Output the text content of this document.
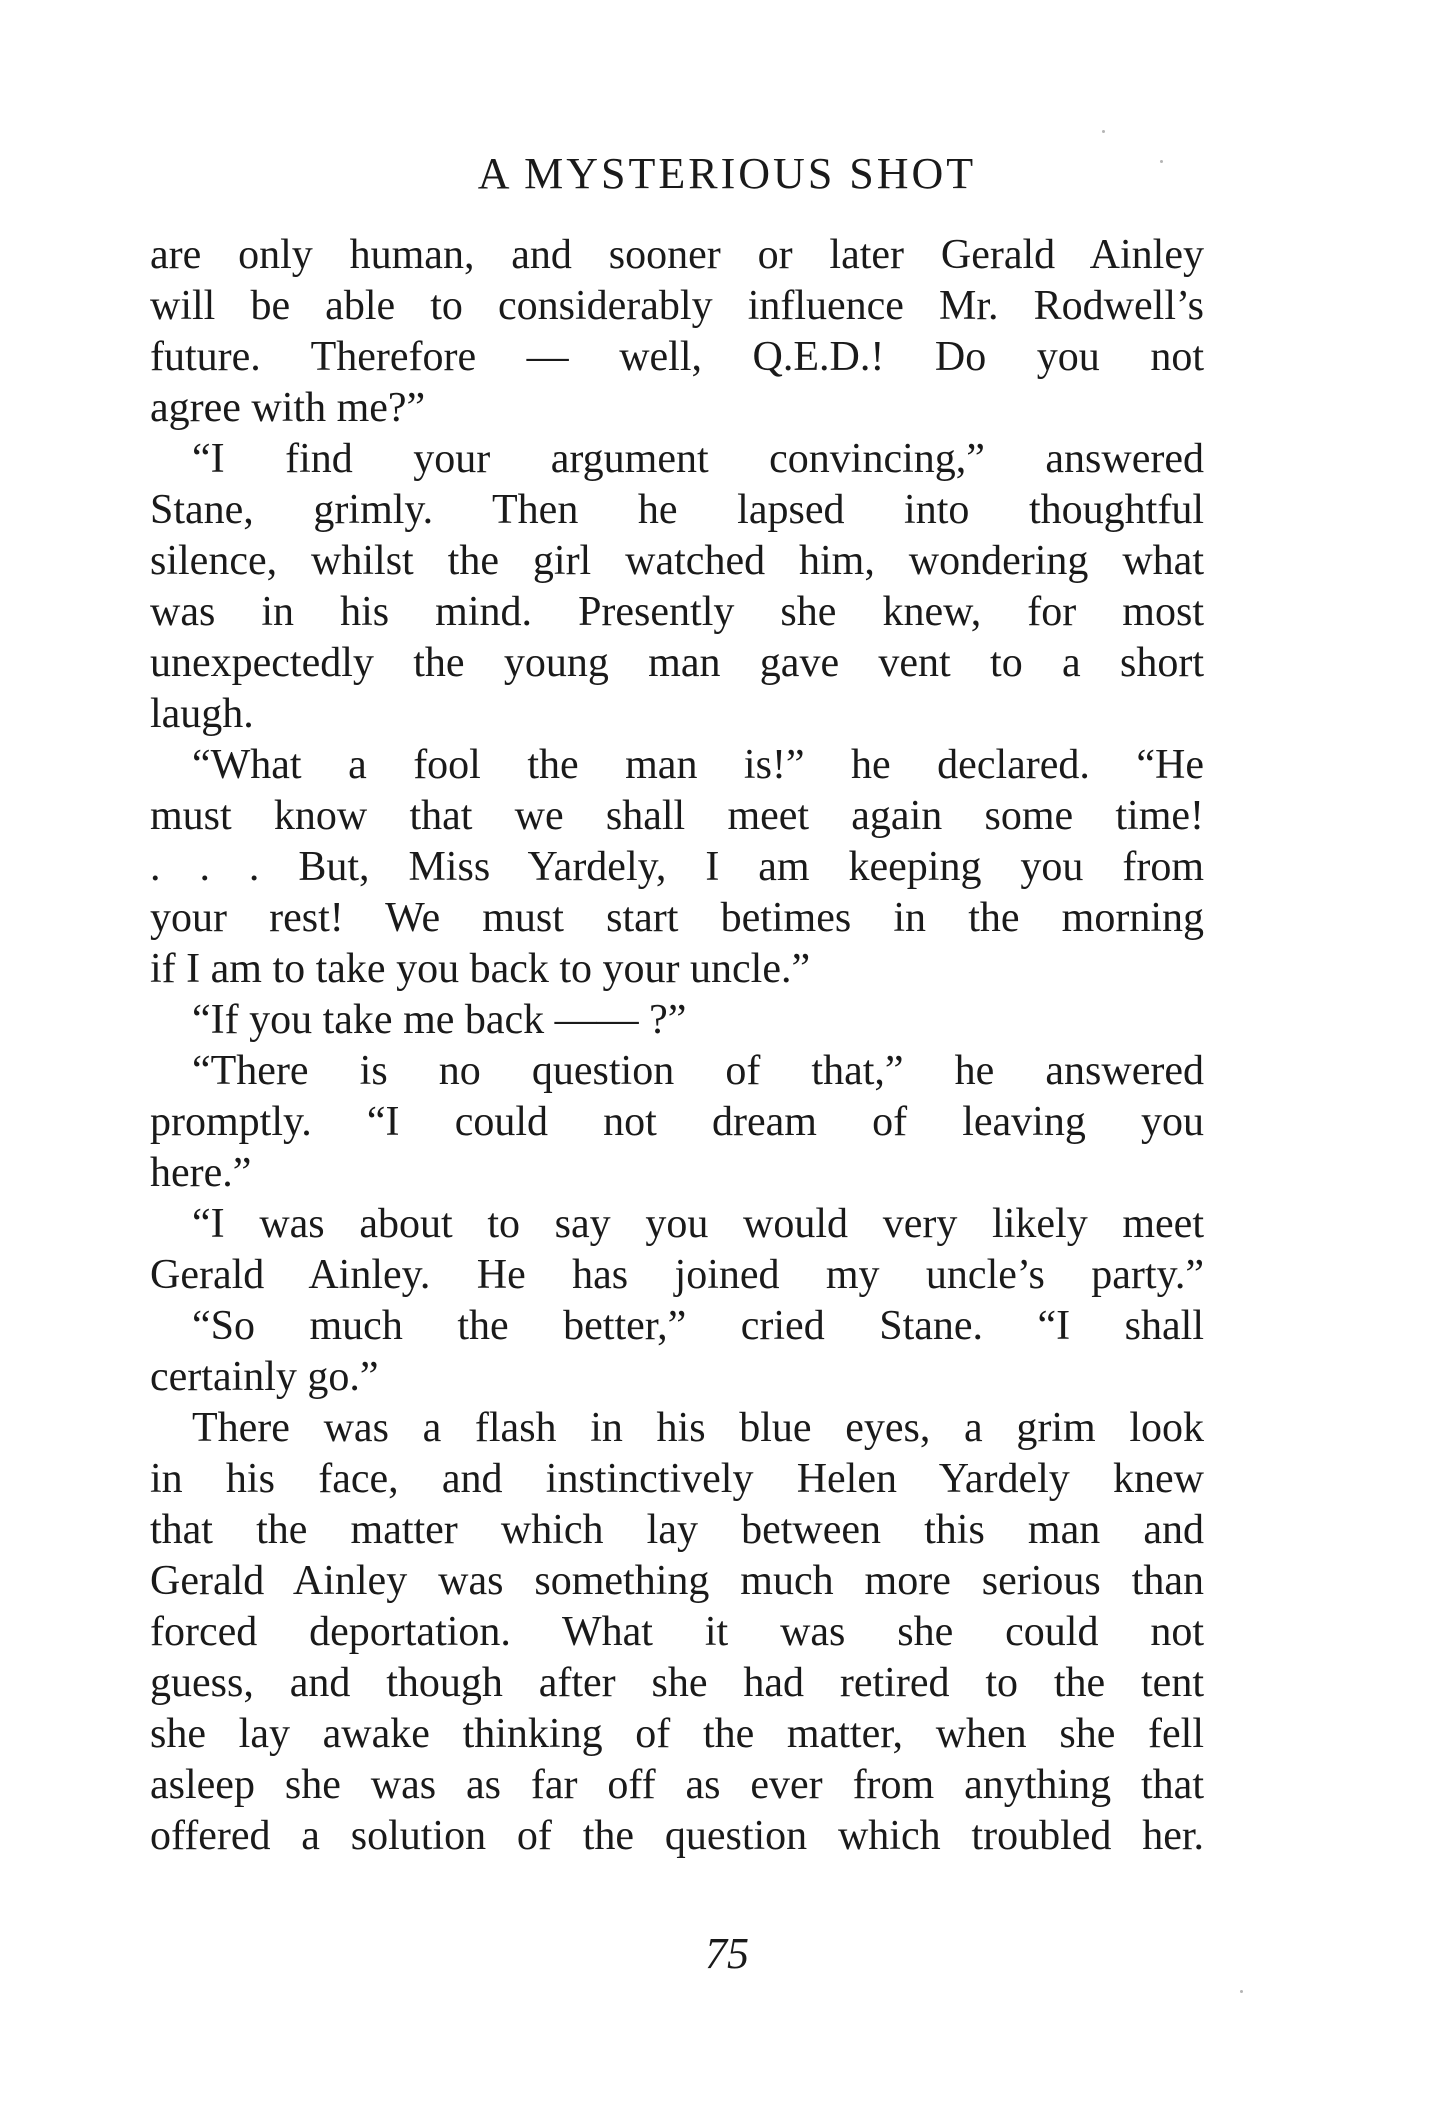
A MYSTERIOUS SHOT
are only human, and sooner or later Gerald Ainley
will be able to considerably influence Mr. Rodwell’s
future. Therefore — well, Q.E.D.! Do you not
agree with me?”
“I find your argument convincing,” answered
Stane, grimly. Then he lapsed into thoughtful
silence, whilst the girl watched him, wondering what
was in his mind. Presently she knew, for most
unexpectedly the young man gave vent to a short
laugh.
“What a fool the man is!” he declared. “He
must know that we shall meet again some time!
. . . But, Miss Yardely, I am keeping you from
your rest! We must start betimes in the morning
if I am to take you back to your uncle.”
“If you take me back —— ?”
“There is no question of that,” he answered
promptly. “I could not dream of leaving you
here.”
“I was about to say you would very likely meet
Gerald Ainley. He has joined my uncle’s party.”
“So much the better,” cried Stane. “I shall
certainly go.”
There was a flash in his blue eyes, a grim look
in his face, and instinctively Helen Yardely knew
that the matter which lay between this man and
Gerald Ainley was something much more serious than
forced deportation. What it was she could not
guess, and though after she had retired to the tent
she lay awake thinking of the matter, when she fell
asleep she was as far off as ever from anything that
offered a solution of the question which troubled her.
75
